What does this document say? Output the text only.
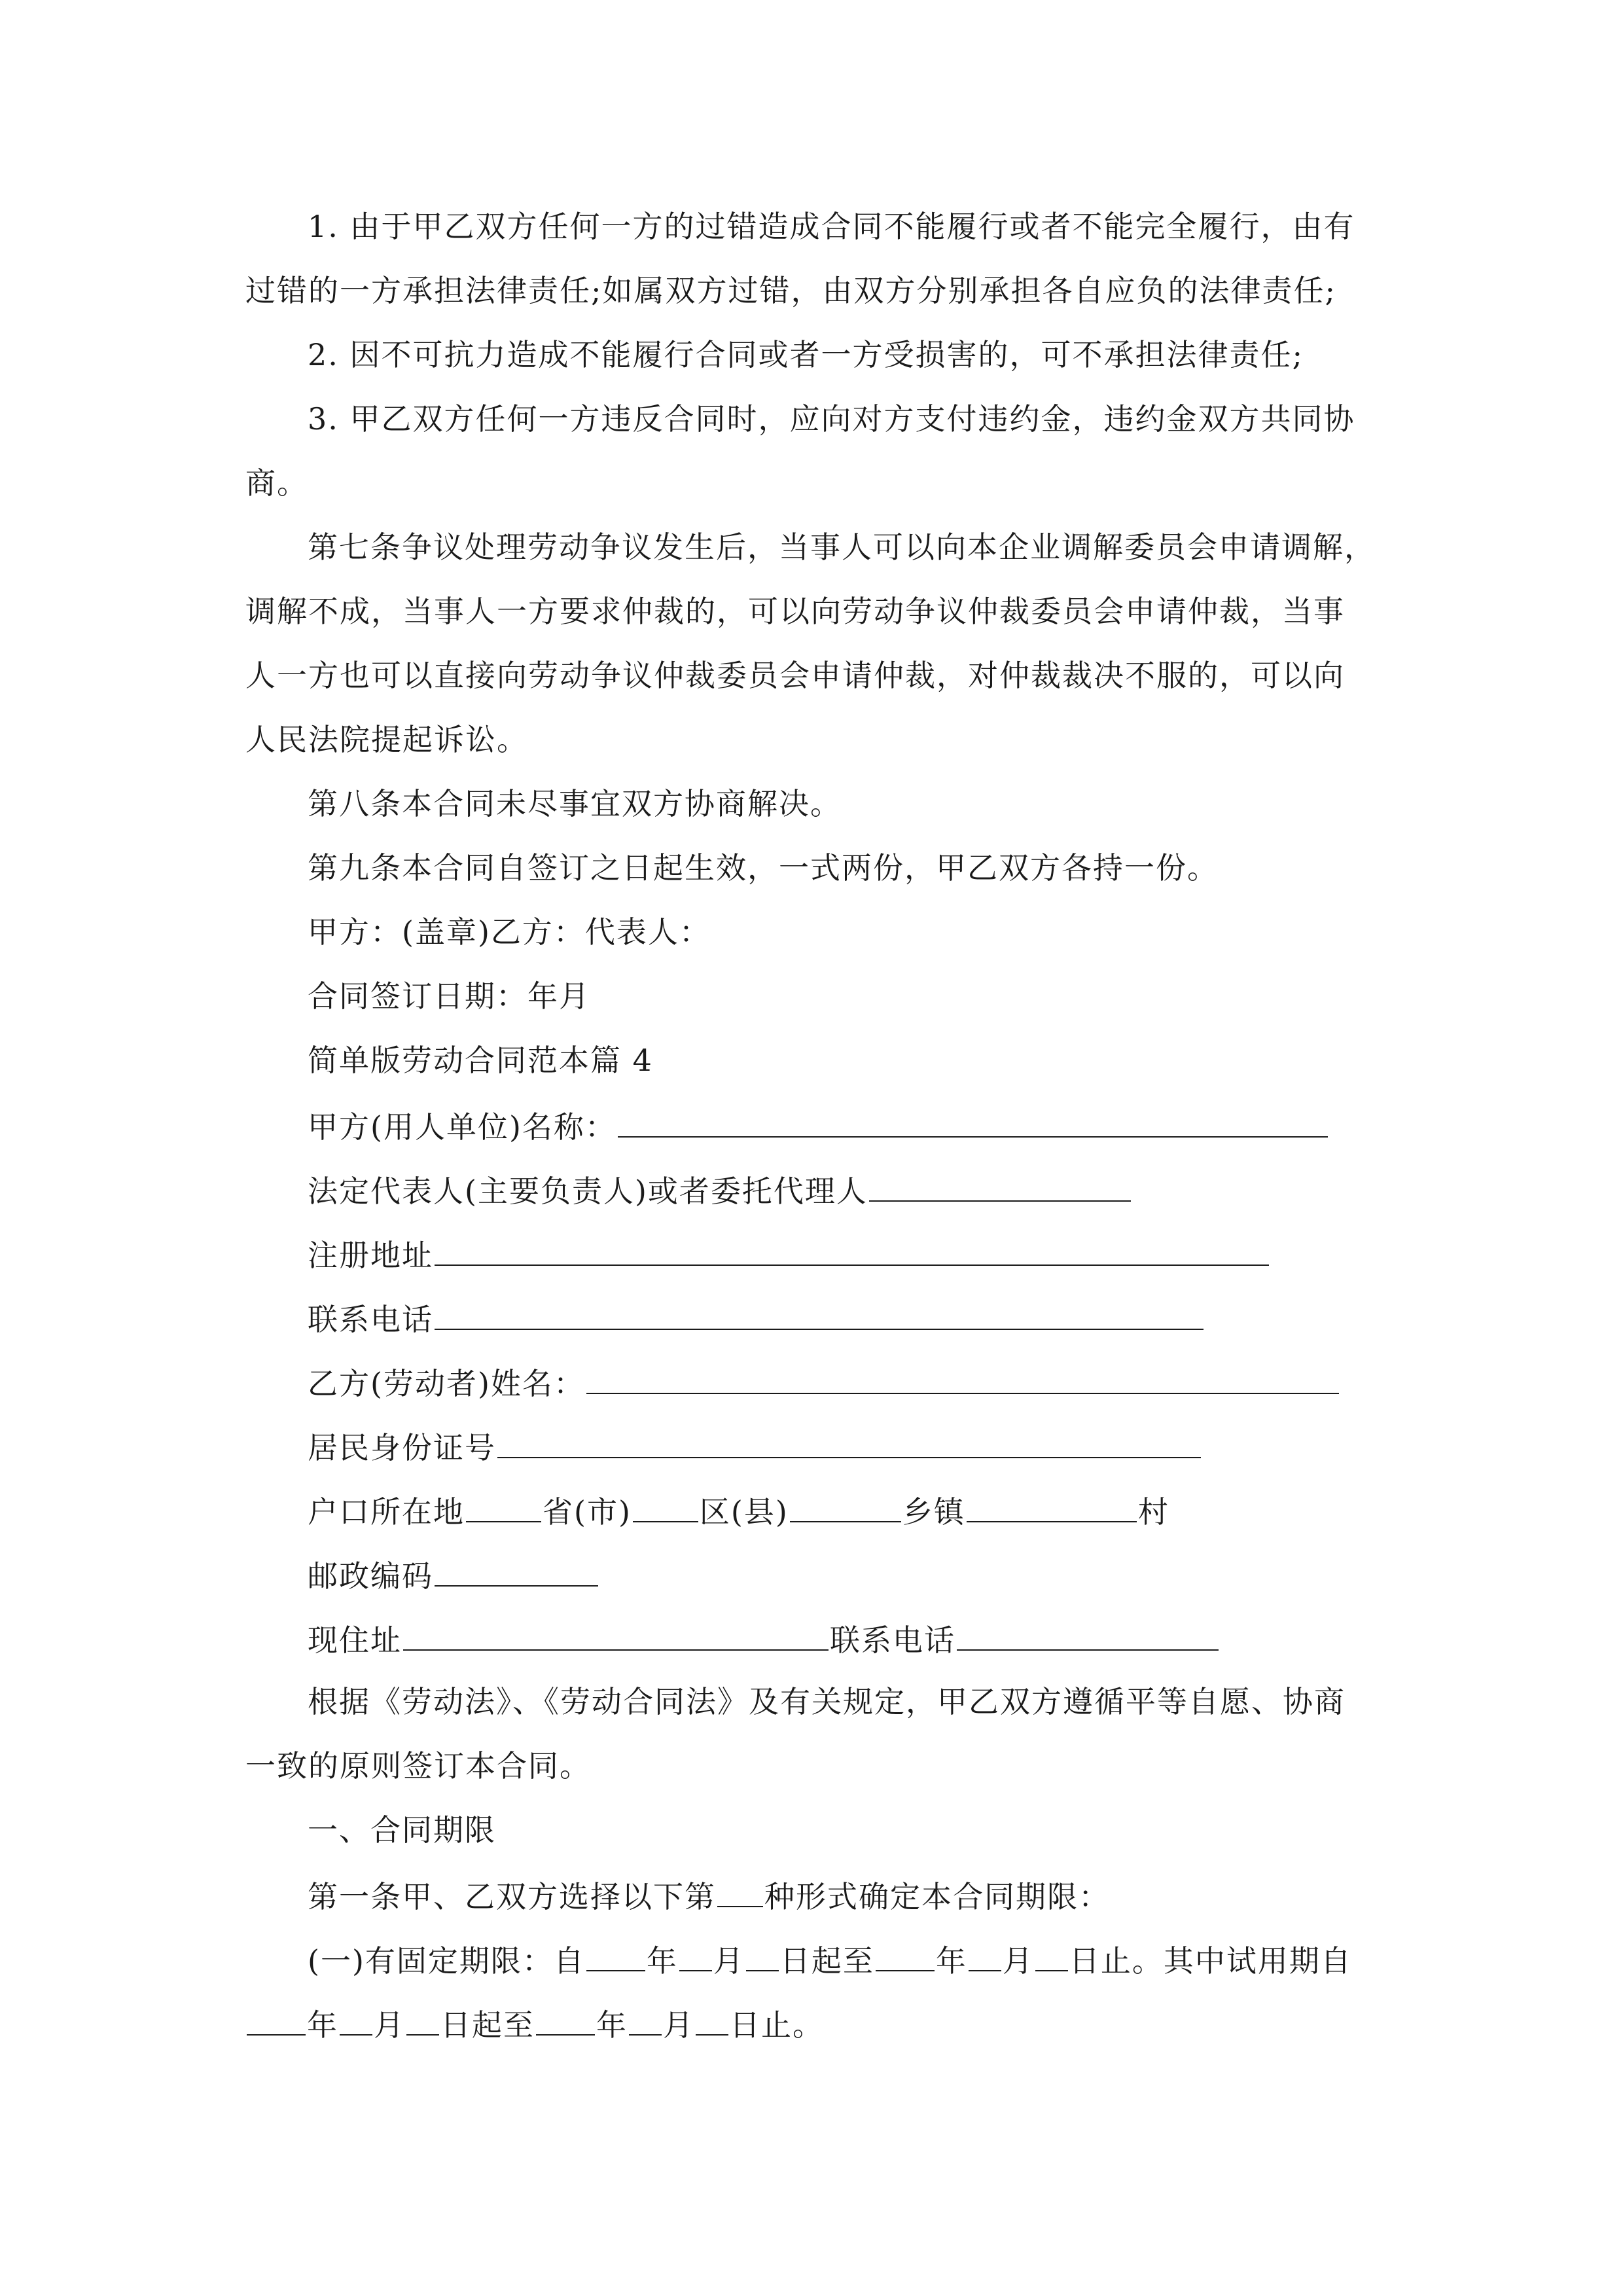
1. 由于甲乙双方任何一方的过错造成合同不能履行或者不能完全履行，由有
过错的一方承担法律责任;如属双方过错，由双方分别承担各自应负的法律责任;
2. 因不可抗力造成不能履行合同或者一方受损害的，可不承担法律责任;
3. 甲乙双方任何一方违反合同时，应向对方支付违约金，违约金双方共同协
商。
第七条争议处理劳动争议发生后，当事人可以向本企业调解委员会申请调解，
调解不成，当事人一方要求仲裁的，可以向劳动争议仲裁委员会申请仲裁，当事
人一方也可以直接向劳动争议仲裁委员会申请仲裁，对仲裁裁决不服的，可以向
人民法院提起诉讼。
第八条本合同未尽事宜双方协商解决。
第九条本合同自签订之日起生效，一式两份，甲乙双方各持一份。
甲方：(盖章)乙方：代表人：
合同签订日期：年月
简单版劳动合同范本篇 4
甲方(用人单位)名称：
法定代表人(主要负责人)或者委托代理人
注册地址
联系电话
乙方(劳动者)姓名：
居民身份证号
户口所在地	省(市) 区(县)	乡镇	村
邮政编码
现住址	联系电话
根据《劳动法》、《劳动合同法》及有关规定，甲乙双方遵循平等自愿、协商
一致的原则签订本合同。
一、合同期限
第一条甲、乙双方选择以下第 种形式确定本合同期限：
(一)有固定期限：自 年 月 日起至 年 月 日止。其中试用期自
年 月 日起至 年 月 日止。
